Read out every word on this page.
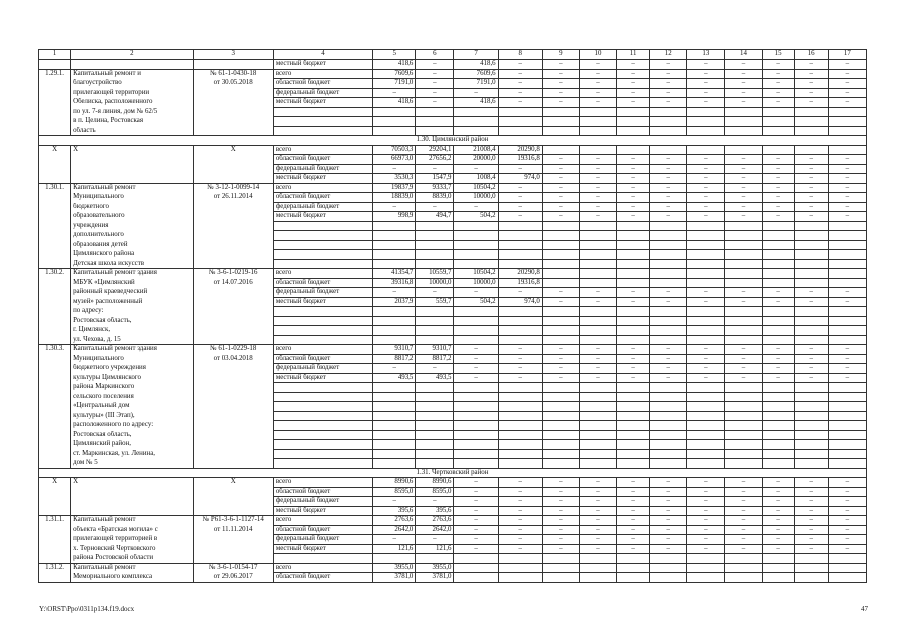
1	2	3	4	5	6	7	8	9	10	11	12	13	14	15	16	17
			местный бюджет	418,6	–	418,6	–	–	–	–	–	–	–	–	–	–
1.29.1.	Капитальный ремонт и	№ 61-1-0430-18	всего	7609,6	–	7609,6	–	–	–	–	–	–	–	–	–	–
	благоустройство	от 30.05.2018	областной бюджет	7191,0	–	7191,0	–	–	–	–	–	–	–	–	–	–
	прилегающей территории		федеральный бюджет	–	–	–	–	–	–	–	–	–	–	–	–	–
	Обелиска, расположенного		местный бюджет	418,6	–	418,6	–	–	–	–	–	–	–	–	–	–
	по ул. 7-я линия, дом № 62/5															
	в п. Целина, Ростовская															
	область															
1.30. Цимлянский район																
X	X	X	всего	70503,3	29204,1	21008,4	20290,8									
			областной бюджет	66973,0	27656,2	20000,0	19316,8	–	–	–	–	–	–	–	–	–
			федеральный бюджет	–	–	–	–	–	–	–	–	–	–	–	–	–
			местный бюджет	3530,3	1547,9	1008,4	974,0	–	–	–	–	–	–	–	–	–
1.30.1.	Капитальный ремонт	№ 3-12-1-0099-14	всего	19837,9	9333,7	10504,2	–	–	–	–	–	–	–	–	–	–
	Муниципального	от 26.11.2014	областной бюджет	18839,0	8839,0	10000,0	–	–	–	–	–	–	–	–	–	–
	бюджетного		федеральный бюджет	–	–	–	–	–	–	–	–	–	–	–	–	–
	образовательного		местный бюджет	998,9	494,7	504,2	–	–	–	–	–	–	–	–	–	–
	учреждения															
	дополнительного															
	образования детей															
	Цимлянского района															
	Детская школа искусств															
1.30.2.	Капитальный ремонт здания	№ 3-6-1-0219-16	всего	41354,7	10559,7	10504,2	20290,8									
	МБУК «Цимлянский	от 14.07.2016	областной бюджет	39316,8	10000,0	10000,0	19316,8									
	районный краеведческий		федеральный бюджет	–	–	–	–	–	–	–	–	–	–	–	–	–
	музей» расположенный		местный бюджет	2037,9	559,7	504,2	974,0	–	–	–	–	–	–	–	–	–
	по адресу:															
	Ростовская область,															
	г. Цимлянск,															
	ул. Чехова, д. 15															
1.30.3.	Капитальный ремонт здания	№ 61-1-0229-18	всего	9310,7	9310,7	–	–	–	–	–	–	–	–	–	–	–
	Муниципального	от 03.04.2018	областной бюджет	8817,2	8817,2	–	–	–	–	–	–	–	–	–	–	–
	бюджетного учреждения		федеральный бюджет	–	–	–	–	–	–	–	–	–	–	–	–	–
	культуры Цимлянского		местный бюджет	493,5	493,5	–	–	–	–	–	–	–	–	–	–	–
	района Маркинского															
	сельского поселения															
	«Центральный дом															
	культуры» (III Этап),															
	расположенного по адресу:															
	Ростовская область,															
	Цимлянский район,															
	ст. Маркинская, ул. Ленина,															
	дом № 5															
1.31. Чертковский район																
X	X	X	всего	8990,6	8990,6	–	–	–	–	–	–	–	–	–	–	–
			областной бюджет	8595,0	8595,0	–	–	–	–	–	–	–	–	–	–	–
			федеральный бюджет	–	–	–	–	–	–	–	–	–	–	–	–	–
			местный бюджет	395,6	395,6	–	–	–	–	–	–	–	–	–	–	–
1.31.1.	Капитальный ремонт	№ Р61-3-6-1-1127-14	всего	2763,6	2763,6	–	–	–	–	–	–	–	–	–	–	–
	объекта «Братская могила» с	от 11.11.2014	областной бюджет	2642,0	2642,0	–	–	–	–	–	–	–	–	–	–	–
	прилегающей территорией в		федеральный бюджет	–	–	–	–	–	–	–	–	–	–	–	–	–
	х. Терновский Чертковского		местный бюджет	121,6	121,6	–	–	–	–	–	–	–	–	–	–	–
	района Ростовской области															
1.31.2.	Капитальный ремонт	№ 3-6-1-0154-17	всего	3955,0	3955,0											
	Мемориального комплекса	от 29.06.2017	областной бюджет	3781,0	3781,0											
Y:\ORST\Ppo\0311p134.f19.docx	47
